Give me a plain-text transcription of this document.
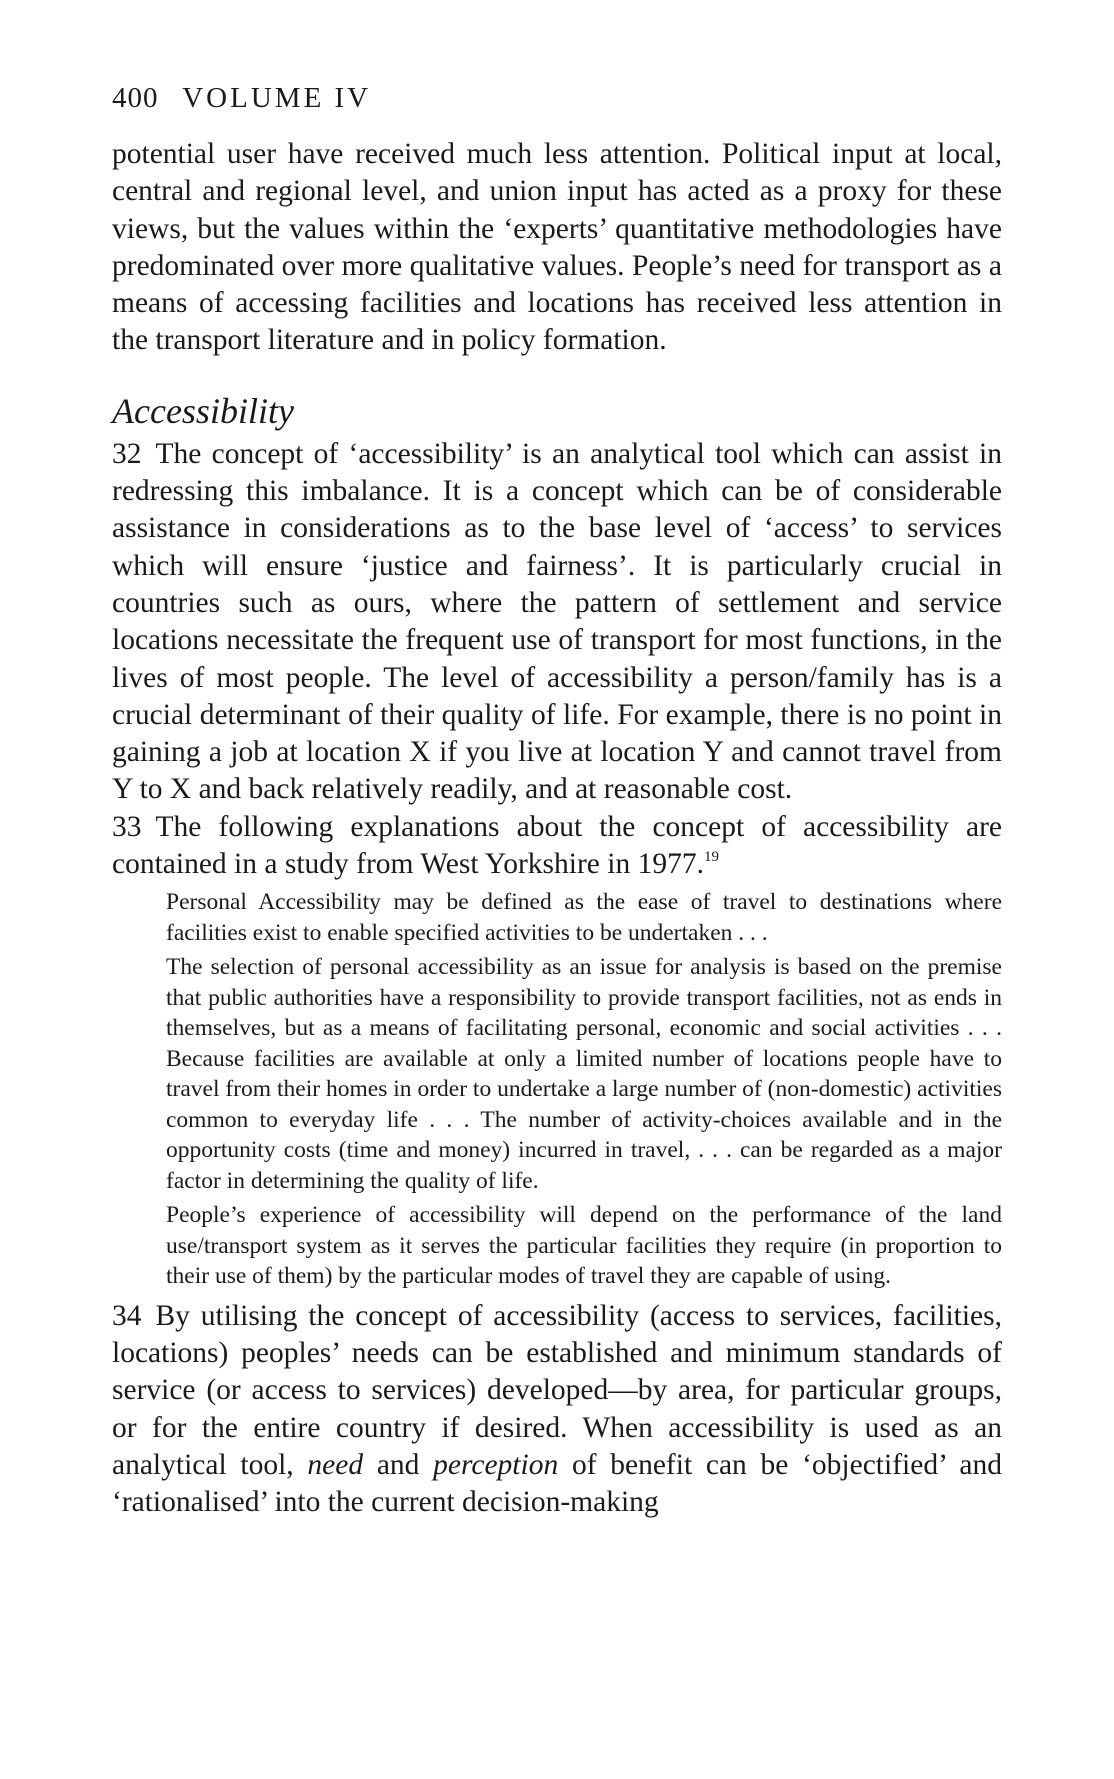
400 VOLUME IV

potential user have received much less attention. Political input at local, central and regional level, and union input has acted as a proxy for these views, but the values within the ‘experts’ quantitative methodologies have predominated over more qualitative values. People’s need for transport as a means of accessing facilities and locations has received less attention in the transport literature and in policy formation.

Accessibility

32 The concept of ‘accessibility’ is an analytical tool which can assist in redressing this imbalance. It is a concept which can be of considerable assistance in considerations as to the base level of ‘access’ to services which will ensure ‘justice and fairness’. It is particularly crucial in countries such as ours, where the pattern of settlement and service locations necessitate the frequent use of transport for most functions, in the lives of most people. The level of accessibility a person/family has is a crucial determinant of their quality of life. For example, there is no point in gaining a job at location X if you live at location Y and cannot travel from Y to X and back relatively readily, and at reasonable cost.

33 The following explanations about the concept of accessibility are contained in a study from West Yorkshire in 1977.19

Personal Accessibility may be defined as the ease of travel to destinations where facilities exist to enable specified activities to be undertaken . . .

The selection of personal accessibility as an issue for analysis is based on the premise that public authorities have a responsibility to provide transport facilities, not as ends in themselves, but as a means of facilitating personal, economic and social activities . . . Because facilities are available at only a limited number of locations people have to travel from their homes in order to undertake a large number of (non-domestic) activities common to everyday life . . . The number of activity-choices available and in the opportunity costs (time and money) incurred in travel, . . . can be regarded as a major factor in determining the quality of life.

People’s experience of accessibility will depend on the performance of the land use/transport system as it serves the particular facilities they require (in proportion to their use of them) by the particular modes of travel they are capable of using.

34 By utilising the concept of accessibility (access to services, facilities, locations) peoples’ needs can be established and minimum standards of service (or access to services) developed—by area, for particular groups, or for the entire country if desired. When accessibility is used as an analytical tool, need and perception of benefit can be ‘objectified’ and ‘rationalised’ into the current decision-making
